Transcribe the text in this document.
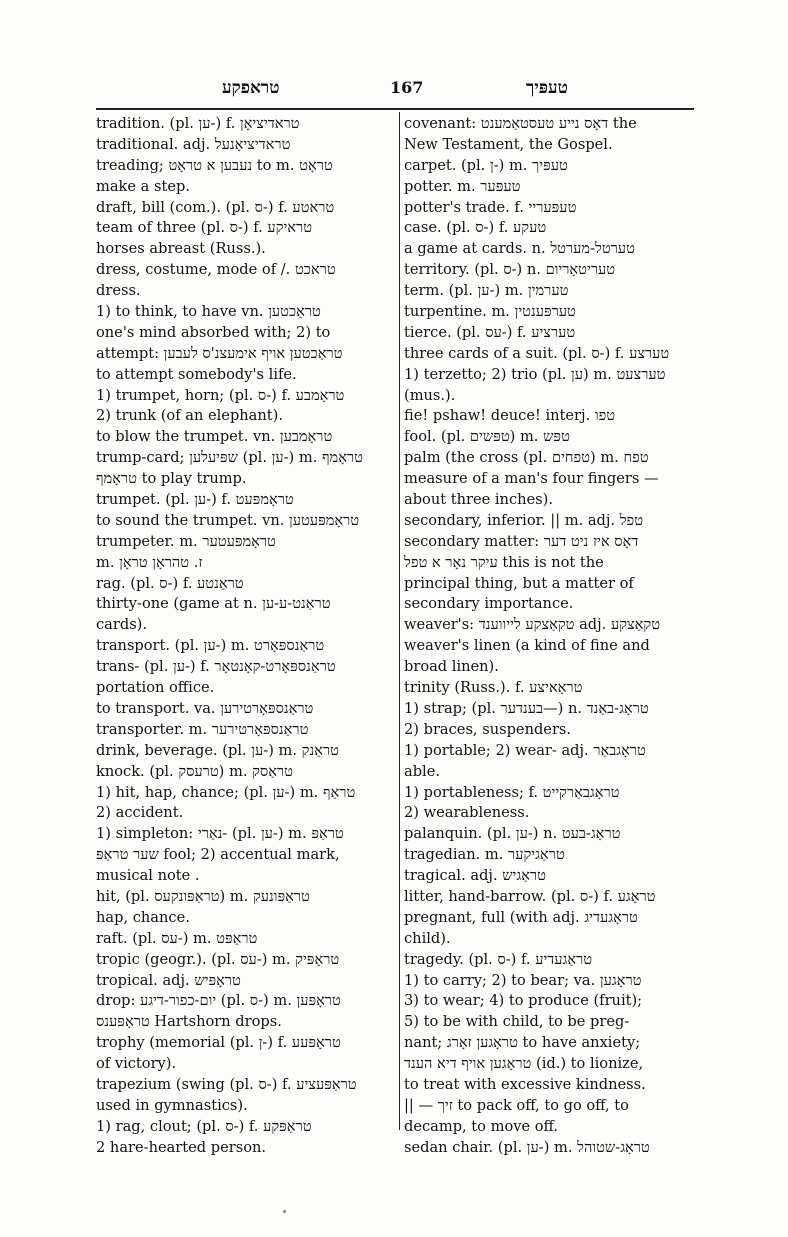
טראפקע	167	טעפּיך
tradition. (pl. ען-) f. טראדיציאָן
traditional. adj. טראדיציאָנעל
treading; נעבען א טראָט to m. טראָט
make a step.
draft, bill (com.). (pl. ס-) f. טראטע
team of three (pl. ס-) f. טראיקע
horses abreast (Russ.).
dress, costume, mode of /. טראכט
dress.
1) to think, to have vn. טראַכטען
one's mind absorbed with; 2) to
attempt: טראַכטען אויף אימעצנ'ס לעבען
to attempt somebody's life.
1) trumpet, horn; (pl. ס-) f. טראָמבע
2) trunk (of an elephant).
to blow the trumpet. vn. טראָמבען
trump-card; שפּיעלען (pl. ען-) m. טראָמף
טראָמף to play trump.
trumpet. (pl. ען-) f. טראָמפּעט
to sound the trumpet. vn. טראָמפּעטען
trumpeter. m. טראָמפּעטער
m. ז. טהראָן טראָן
rag. (pl. ס-) f. טראַנטע
thirty-one (game at n. טראַנט-ע-ען
cards).
transport. (pl. ען-) m. טראַנספּאָרט
trans- (pl. ען-) f. טראַנספּאָרט-קאָנטאָר
portation office.
to transport. va. טראַנספּאָרטירען
transporter. m. טראַנספּאָרטירער
drink, beverage. (pl. ען-) m. טראַנק
knock. (pl. טרעסק) m. טראַסק
1) hit, hap, chance; (pl. ען-) m. טראַף
2) accident.
1) simpleton: נאַרי- (pl. ען-) m. טראַפּ
שער טראַפּ fool; 2) accentual mark,
musical note .
hit, (pl. טראַפּונקעס) m. טראַפּונעק
hap, chance.
raft. (pl. עס-) m. טראַפּט
tropic (geogr.). (pl. עס-) m. טראָפּיק
tropical. adj. טראָפּיש
drop: יום-כפור-דיגע (pl. ס-) m. טראָפּען
טראָפּענס Hartshorn drops.
trophy (memorial (pl. ן-) f. טראָפּעע
of victory).
trapezium (swing (pl. ס-) f. טראַפּעציע
used in gymnastics).
1) rag, clout; (pl. ס-) f. טראַפּקע
2 hare-hearted person.
covenant: דאָס נייע טעסטאַמענט the
New Testament, the Gospel.
carpet. (pl. ן-) m. טעפּיך
potter. m. טעפּער
potter's trade. f. טעפּעריי
case. (pl. ס-) f. טעקע
a game at cards. n. טערטל-מערטל
territory. (pl. ס-) n. טעריטאָריום
term. (pl. ען-) m. טערמין
turpentine. m. טערפּענטין
tierce. (pl. עס-) f. טערציע
three cards of a suit. (pl. ס-) f. טערצע
1) terzetto; 2) trio (pl. ען) m. טערצעט
(mus.).
fie! pshaw! deuce! interj. טפו
fool. (pl. טפּשים) m. טפּש
palm (the cross (pl. טפחים) m. טפח
measure of a man's four fingers —
about three inches).
secondary, inferior. || m. adj. טפל
secondary matter: דאָס איז ניט דער
עיקר נאָר א טפל this is not the
principal thing, but a matter of
secondary importance.
weaver's: טקאַצקע לייווענד adj. טקאַצקע
weaver's linen (a kind of fine and
broad linen).
trinity (Russ.). f. טראָאיצע
1) strap; (pl. בענדער—) n. טראָג-באַנד
2) braces, suspenders.
1) portable; 2) wear- adj. טראָגבאַר
able.
1) portableness; f. טראָגבאַרקייט
2) wearableness.
palanquin. (pl. ען-) n. טראָג-בעט
tragedian. m. טראַגיקער
tragical. adj. טראַגיש
litter, hand-barrow. (pl. ס-) f. טראָגע
pregnant, full (with adj. טראָגעדיג
child).
tragedy. (pl. ס-) f. טראַגעדיע
1) to carry; 2) to bear; va. טראָגען
3) to wear; 4) to produce (fruit);
5) to be with child, to be preg-
nant; טראָגען זאָרג to have anxiety;
טראָגען אויף דיא הענד (id.) to lionize,
to treat with excessive kindness.
|| — זיך to pack off, to go off, to
decamp, to move off.
sedan chair. (pl. ען-) m. טראָג-שטוהל
